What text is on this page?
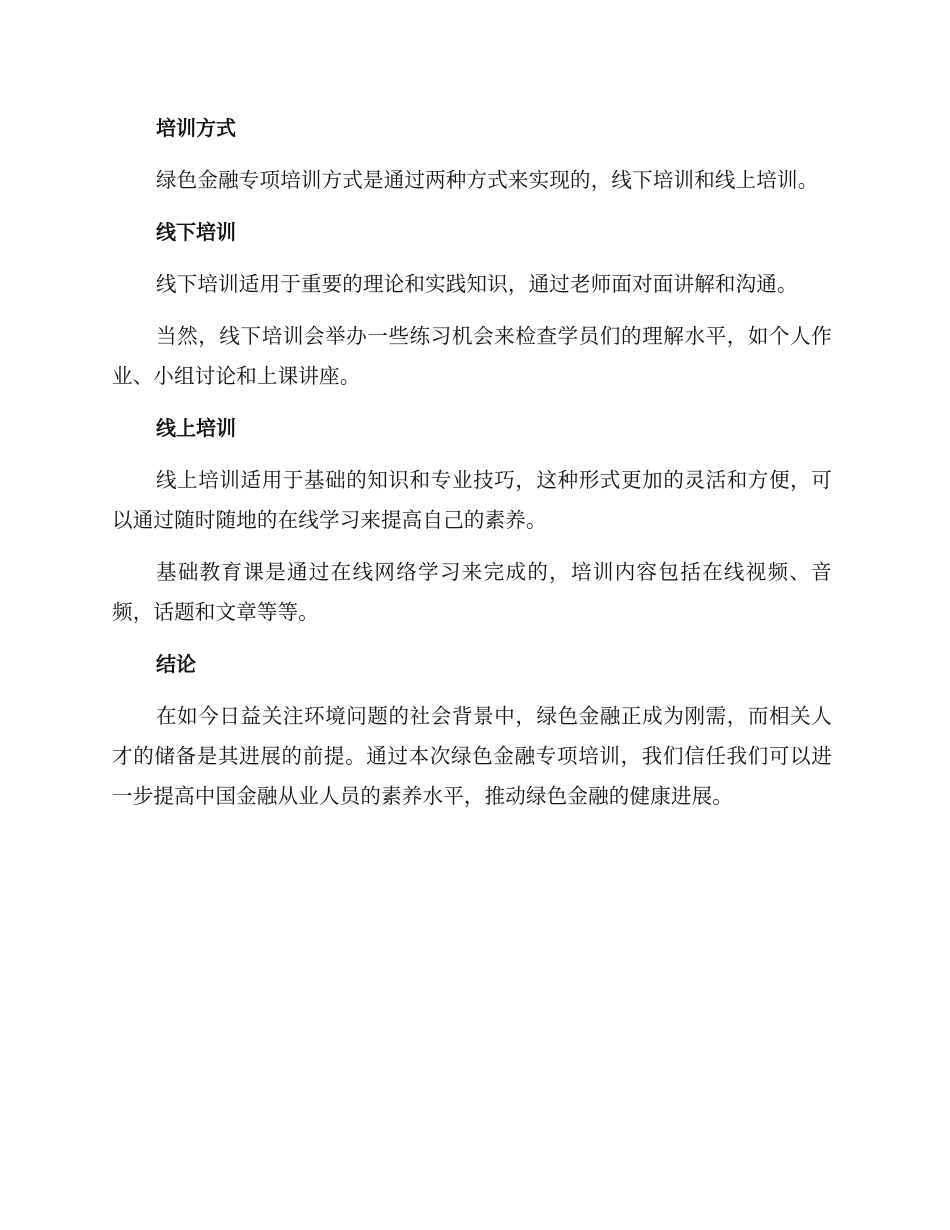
培训方式

绿色金融专项培训方式是通过两种方式来实现的，线下培训和线上培训。

线下培训

线下培训适用于重要的理论和实践知识，通过老师面对面讲解和沟通。

当然，线下培训会举办一些练习机会来检查学员们的理解水平，如个人作业、小组讨论和上课讲座。

线上培训

线上培训适用于基础的知识和专业技巧，这种形式更加的灵活和方便，可以通过随时随地的在线学习来提高自己的素养。

基础教育课是通过在线网络学习来完成的，培训内容包括在线视频、音频，话题和文章等等。

结论

在如今日益关注环境问题的社会背景中，绿色金融正成为刚需，而相关人才的储备是其进展的前提。通过本次绿色金融专项培训，我们信任我们可以进一步提高中国金融从业人员的素养水平，推动绿色金融的健康进展。
